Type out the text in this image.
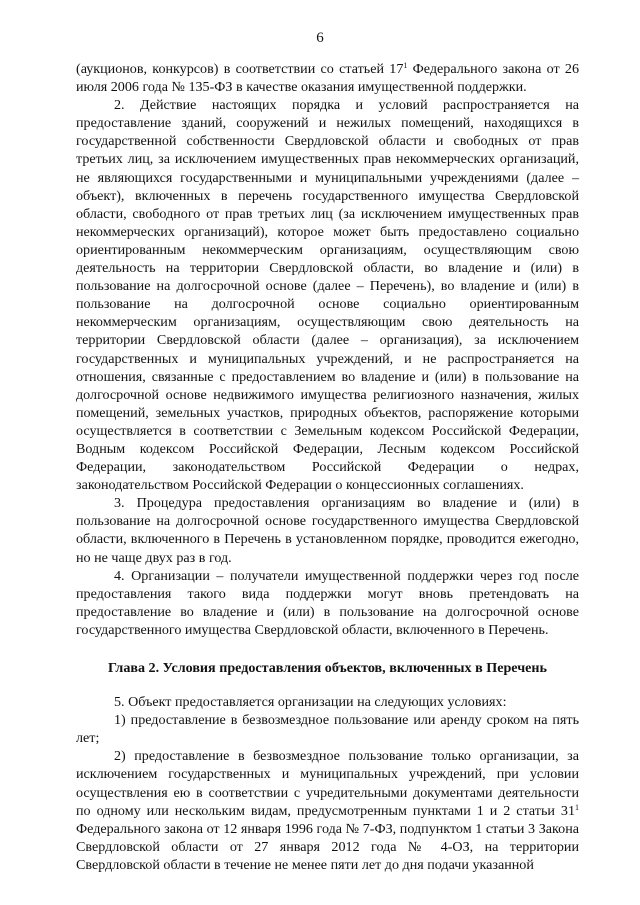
6

(аукционов, конкурсов) в соответствии со статьей $17^1$ Федерального закона от 26 июля 2006 года № 135-ФЗ в качестве оказания имущественной поддержки.

2. Действие настоящих порядка и условий распространяется на предоставление зданий, сооружений и нежилых помещений, находящихся в государственной собственности Свердловской области и свободных от прав третьих лиц, за исключением имущественных прав некоммерческих организаций, не являющихся государственными и муниципальными учреждениями (далее – объект), включенных в перечень государственного имущества Свердловской области, свободного от прав третьих лиц (за исключением имущественных прав некоммерческих организаций), которое может быть предоставлено социально ориентированным некоммерческим организациям, осуществляющим свою деятельность на территории Свердловской области, во владение и (или) в пользование на долгосрочной основе (далее – Перечень), во владение и (или) в пользование на долгосрочной основе социально ориентированным некоммерческим организациям, осуществляющим свою деятельность на территории Свердловской области (далее – организация), за исключением государственных и муниципальных учреждений, и не распространяется на отношения, связанные с предоставлением во владение и (или) в пользование на долгосрочной основе недвижимого имущества религиозного назначения, жилых помещений, земельных участков, природных объектов, распоряжение которыми осуществляется в соответствии с Земельным кодексом Российской Федерации, Водным кодексом Российской Федерации, Лесным кодексом Российской Федерации, законодательством Российской Федерации о недрах, законодательством Российской Федерации о концессионных соглашениях.

3. Процедура предоставления организациям во владение и (или) в пользование на долгосрочной основе государственного имущества Свердловской области, включенного в Перечень в установленном порядке, проводится ежегодно, но не чаще двух раз в год.

4. Организации – получатели имущественной поддержки через год после предоставления такого вида поддержки могут вновь претендовать на предоставление во владение и (или) в пользование на долгосрочной основе государственного имущества Свердловской области, включенного в Перечень.

Глава 2. Условия предоставления объектов, включенных в Перечень

5. Объект предоставляется организации на следующих условиях:

1) предоставление в безвозмездное пользование или аренду сроком на пять лет;

2) предоставление в безвозмездное пользование только организации, за исключением государственных и муниципальных учреждений, при условии осуществления ею в соответствии с учредительными документами деятельности по одному или нескольким видам, предусмотренным пунктами 1 и 2 статьи $31^1$ Федерального закона от 12 января 1996 года № 7-ФЗ, подпунктом 1 статьи 3 Закона Свердловской области от 27 января 2012 года № 4-ОЗ, на территории Свердловской области в течение не менее пяти лет до дня подачи указанной
